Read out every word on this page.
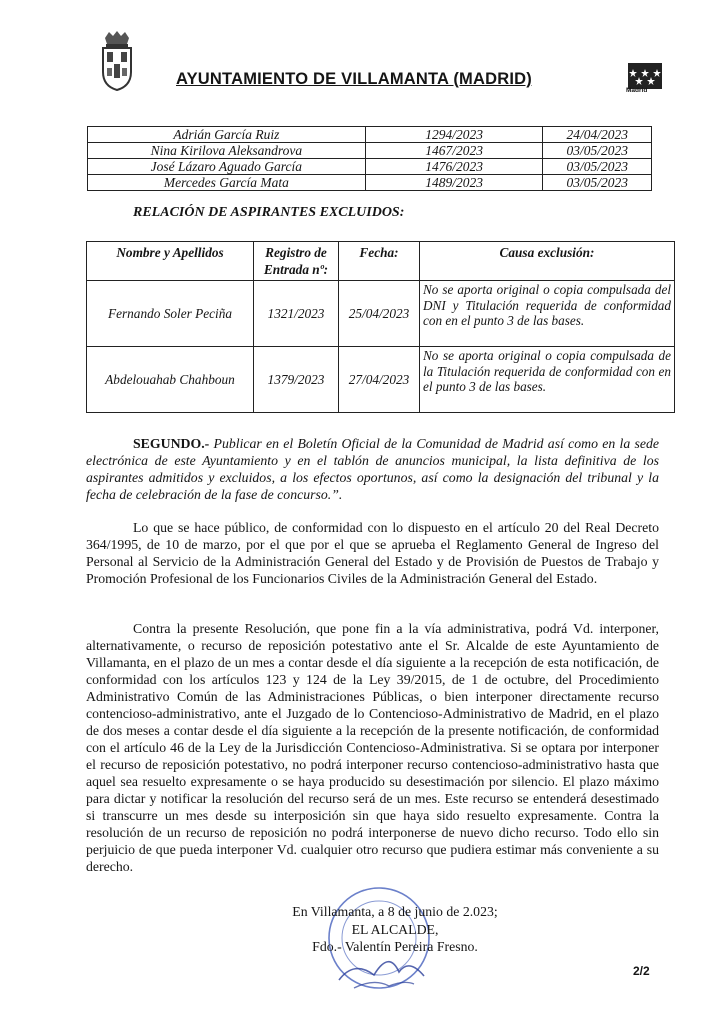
AYUNTAMIENTO DE VILLAMANTA (MADRID)
Madrid
Adrián García Ruiz	1294/2023	24/04/2023
Nina Kirilova Aleksandrova	1467/2023	03/05/2023
José Lázaro Aguado García	1476/2023	03/05/2023
Mercedes García Mata	1489/2023	03/05/2023
RELACIÓN DE ASPIRANTES EXCLUIDOS:
Nombre y Apellidos	Registro de Entrada nº:	Fecha:	Causa exclusión:
Fernando Soler Peciña	1321/2023	25/04/2023	No se aporta original o copia compulsada del DNI y Titulación requerida de conformidad con en el punto 3 de las bases.
Abdelouahab Chahboun	1379/2023	27/04/2023	No se aporta original o copia compulsada de la Titulación requerida de conformidad con en el punto 3 de las bases.

SEGUNDO.- Publicar en el Boletín Oficial de la Comunidad de Madrid así como en la sede electrónica de este Ayuntamiento y en el tablón de anuncios municipal, la lista definitiva de los aspirantes admitidos y excluidos, a los efectos oportunos, así como la designación del tribunal y la fecha de celebración de la fase de concurso.”.

Lo que se hace público, de conformidad con lo dispuesto en el artículo 20 del Real Decreto 364/1995, de 10 de marzo, por el que por el que se aprueba el Reglamento General de Ingreso del Personal al Servicio de la Administración General del Estado y de Provisión de Puestos de Trabajo y Promoción Profesional de los Funcionarios Civiles de la Administración General del Estado.

Contra la presente Resolución, que pone fin a la vía administrativa, podrá Vd. interponer, alternativamente, o recurso de reposición potestativo ante el Sr. Alcalde de este Ayuntamiento de Villamanta, en el plazo de un mes a contar desde el día siguiente a la recepción de esta notificación, de conformidad con los artículos 123 y 124 de la Ley 39/2015, de 1 de octubre, del Procedimiento Administrativo Común de las Administraciones Públicas, o bien interponer directamente recurso contencioso-administrativo, ante el Juzgado de lo Contencioso-Administrativo de Madrid, en el plazo de dos meses a contar desde el día siguiente a la recepción de la presente notificación, de conformidad con el artículo 46 de la Ley de la Jurisdicción Contencioso-Administrativa. Si se optara por interponer el recurso de reposición potestativo, no podrá interponer recurso contencioso-administrativo hasta que aquel sea resuelto expresamente o se haya producido su desestimación por silencio. El plazo máximo para dictar y notificar la resolución del recurso será de un mes. Este recurso se entenderá desestimado si transcurre un mes desde su interposición sin que haya sido resuelto expresamente. Contra la resolución de un recurso de reposición no podrá interponerse de nuevo dicho recurso. Todo ello sin perjuicio de que pueda interponer Vd. cualquier otro recurso que pudiera estimar más conveniente a su derecho.

En Villamanta, a 8 de junio de 2.023;
EL ALCALDE,
Fdo.- Valentín Pereira Fresno.
2/2
